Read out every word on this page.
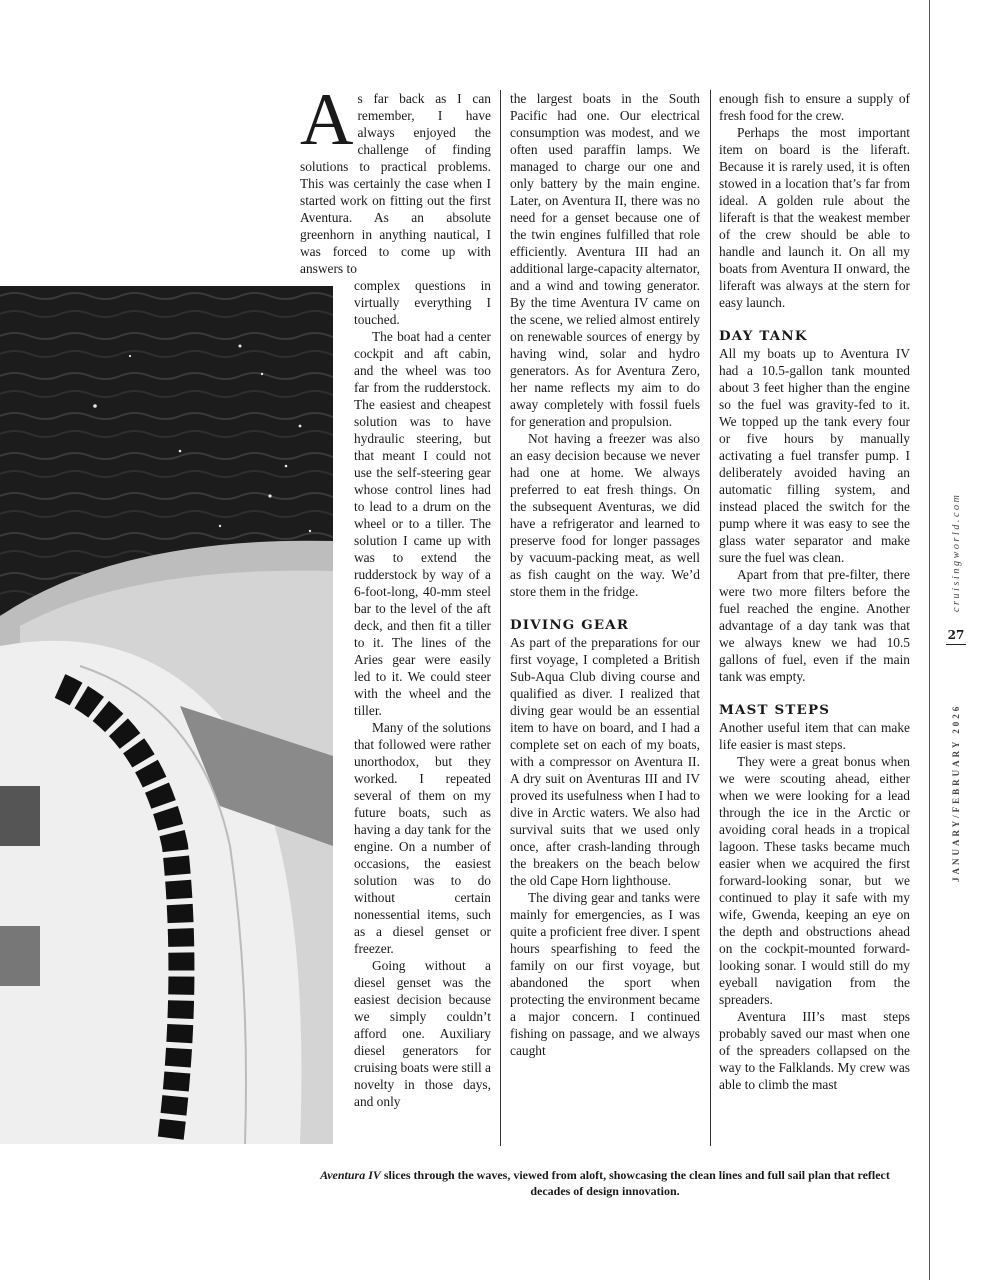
As far back as I can remember, I have always enjoyed the challenge of finding solutions to practical problems. This was certainly the case when I started work on fitting out the first Aventura. As an absolute greenhorn in anything nautical, I was forced to come up with answers to

complex questions in virtually everything I touched.

The boat had a center cockpit and aft cabin, and the wheel was too far from the rudderstock. The easiest and cheapest solution was to have hydraulic steering, but that meant I could not use the self-steering gear whose control lines had to lead to a drum on the wheel or to a tiller. The solution I came up with was to extend the rudderstock by way of a 6-foot-long, 40-mm steel bar to the level of the aft deck, and then fit a tiller to it. The lines of the Aries gear were easily led to it. We could steer with the wheel and the tiller.

Many of the solutions that followed were rather unorthodox, but they worked. I repeated several of them on my future boats, such as having a day tank for the engine. On a number of occasions, the easiest solution was to do without certain nonessential items, such as a diesel genset or freezer.

Going without a diesel genset was the easiest decision because we simply couldn’t afford one. Auxiliary diesel generators for cruising boats were still a novelty in those days, and only

the largest boats in the South Pacific had one. Our electrical consumption was modest, and we often used paraffin lamps. We managed to charge our one and only battery by the main engine. Later, on Aventura II, there was no need for a genset because one of the twin engines fulfilled that role efficiently. Aventura III had an additional large-capacity alternator, and a wind and towing generator. By the time Aventura IV came on the scene, we relied almost entirely on renewable sources of energy by having wind, solar and hydro generators. As for Aventura Zero, her name reflects my aim to do away completely with fossil fuels for generation and propulsion.

Not having a freezer was also an easy decision because we never had one at home. We always preferred to eat fresh things. On the subsequent Aventuras, we did have a refrigerator and learned to preserve food for longer passages by vacuum-packing meat, as well as fish caught on the way. We’d store them in the fridge.

DIVING GEAR

As part of the preparations for our first voyage, I completed a British Sub-Aqua Club diving course and qualified as diver. I realized that diving gear would be an essential item to have on board, and I had a complete set on each of my boats, with a compressor on Aventura II. A dry suit on Aventuras III and IV proved its usefulness when I had to dive in Arctic waters. We also had survival suits that we used only once, after crash-landing through the breakers on the beach below the old Cape Horn lighthouse.

The diving gear and tanks were mainly for emergencies, as I was quite a proficient free diver. I spent hours spearfishing to feed the family on our first voyage, but abandoned the sport when protecting the environment became a major concern. I continued fishing on passage, and we always caught

enough fish to ensure a supply of fresh food for the crew.

Perhaps the most important item on board is the liferaft. Because it is rarely used, it is often stowed in a location that’s far from ideal. A golden rule about the liferaft is that the weakest member of the crew should be able to handle and launch it. On all my boats from Aventura II onward, the liferaft was always at the stern for easy launch.

DAY TANK

All my boats up to Aventura IV had a 10.5-gallon tank mounted about 3 feet higher than the engine so the fuel was gravity-fed to it. We topped up the tank every four or five hours by manually activating a fuel transfer pump. I deliberately avoided having an automatic filling system, and instead placed the switch for the pump where it was easy to see the glass water separator and make sure the fuel was clean.

Apart from that pre-filter, there were two more filters before the fuel reached the engine. Another advantage of a day tank was that we always knew we had 10.5 gallons of fuel, even if the main tank was empty.

MAST STEPS

Another useful item that can make life easier is mast steps.

They were a great bonus when we were scouting ahead, either when we were looking for a lead through the ice in the Arctic or avoiding coral heads in a tropical lagoon. These tasks became much easier when we acquired the first forward-looking sonar, but we continued to play it safe with my wife, Gwenda, keeping an eye on the depth and obstructions ahead on the cockpit-mounted forward-looking sonar. I would still do my eyeball navigation from the spreaders.

Aventura III’s mast steps probably saved our mast when one of the spreaders collapsed on the way to the Falklands. My crew was able to climb the mast

Aventura IV slices through the waves, viewed from aloft, showcasing the clean lines and full sail plan that reflect decades of design innovation.
cruisingworld.com
27
JANUARY/FEBRUARY 2026
